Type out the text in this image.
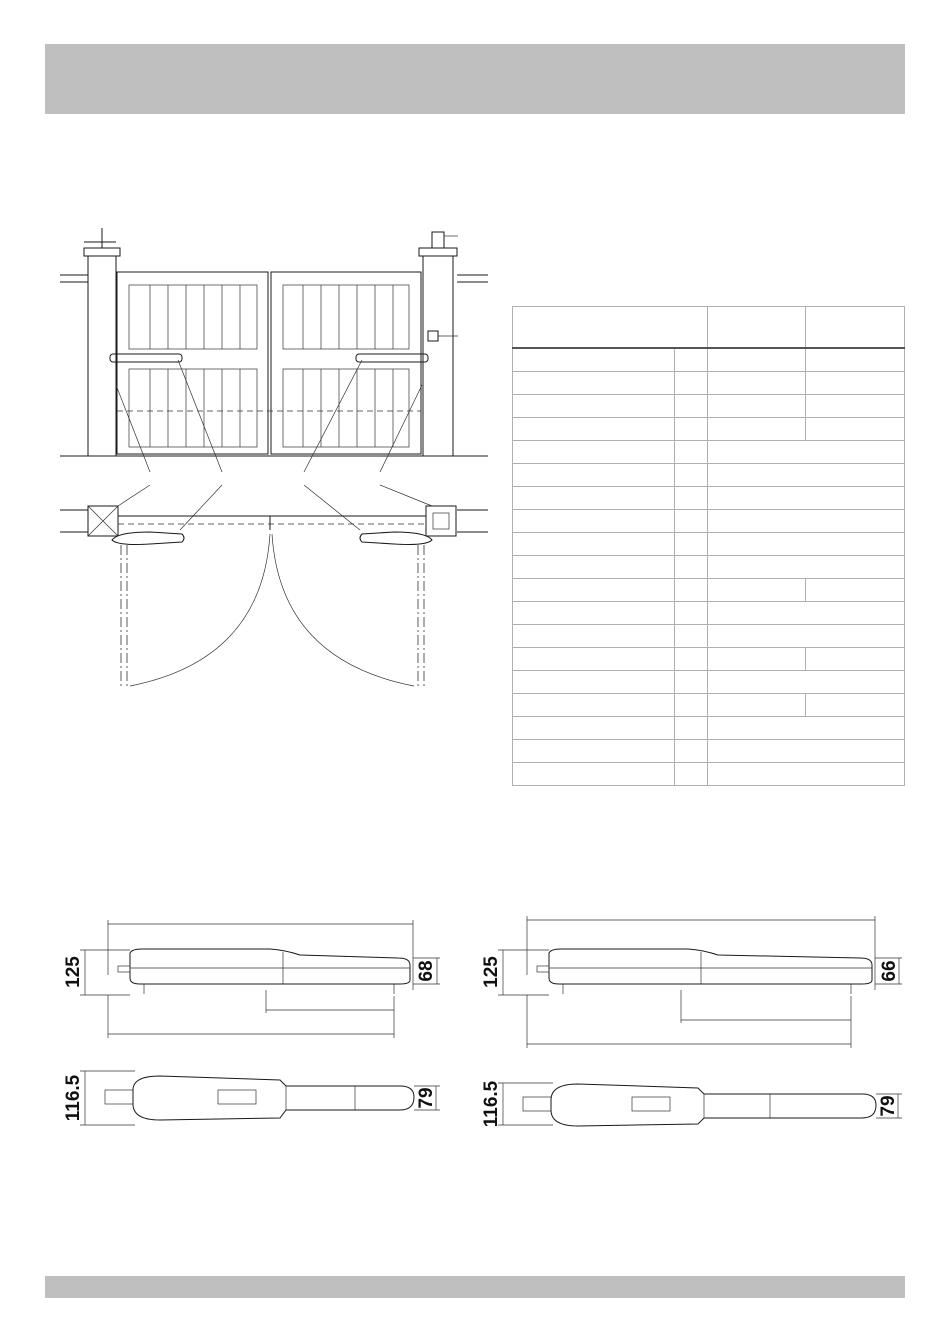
125	68
116.5	79
125	66
116.5	79
